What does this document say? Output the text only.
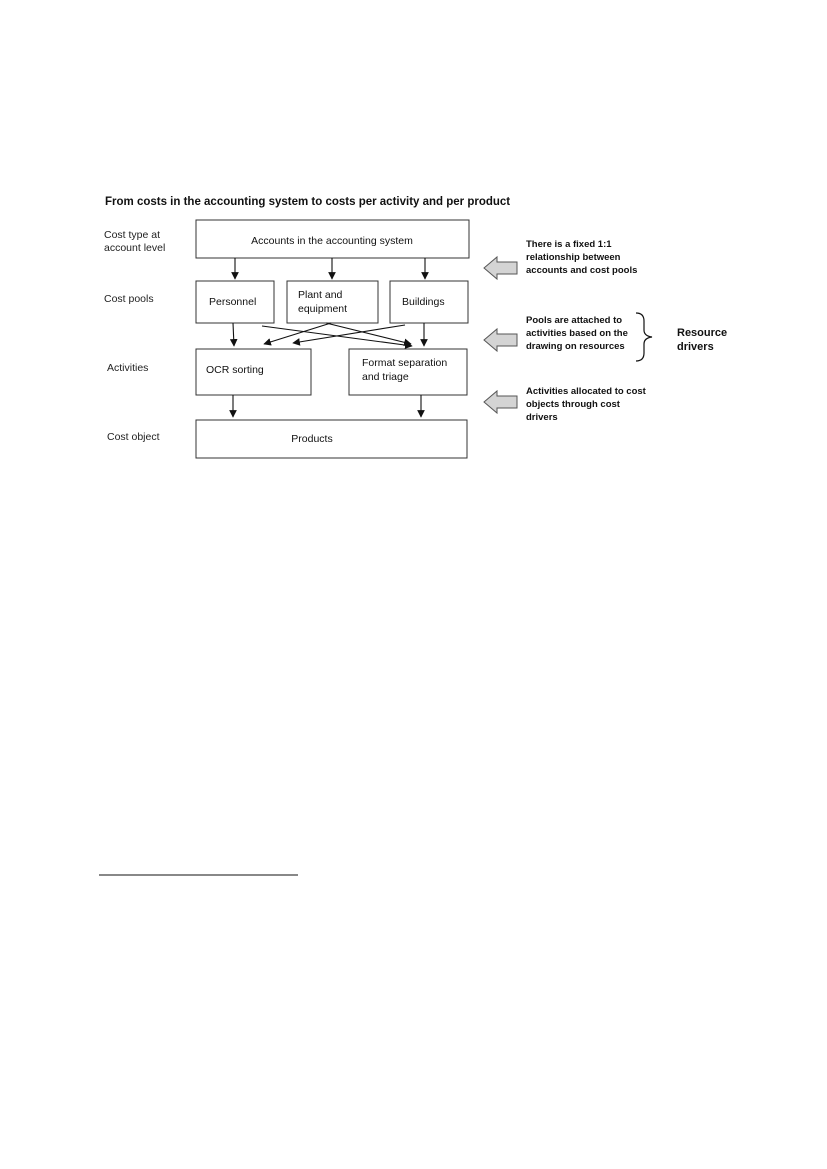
From costs in the accounting system to costs per activity and per product
Cost type at
account level
Cost pools
Activities
Cost object
Accounts in the accounting system
Personnel
Plant and
equipment
Buildings
OCR sorting
Format separation
and triage
Products
There is a fixed 1:1
relationship between
accounts and cost pools
Pools are attached to
activities based on the
drawing on resources
Activities allocated to cost
objects through cost
drivers
Resource
drivers
